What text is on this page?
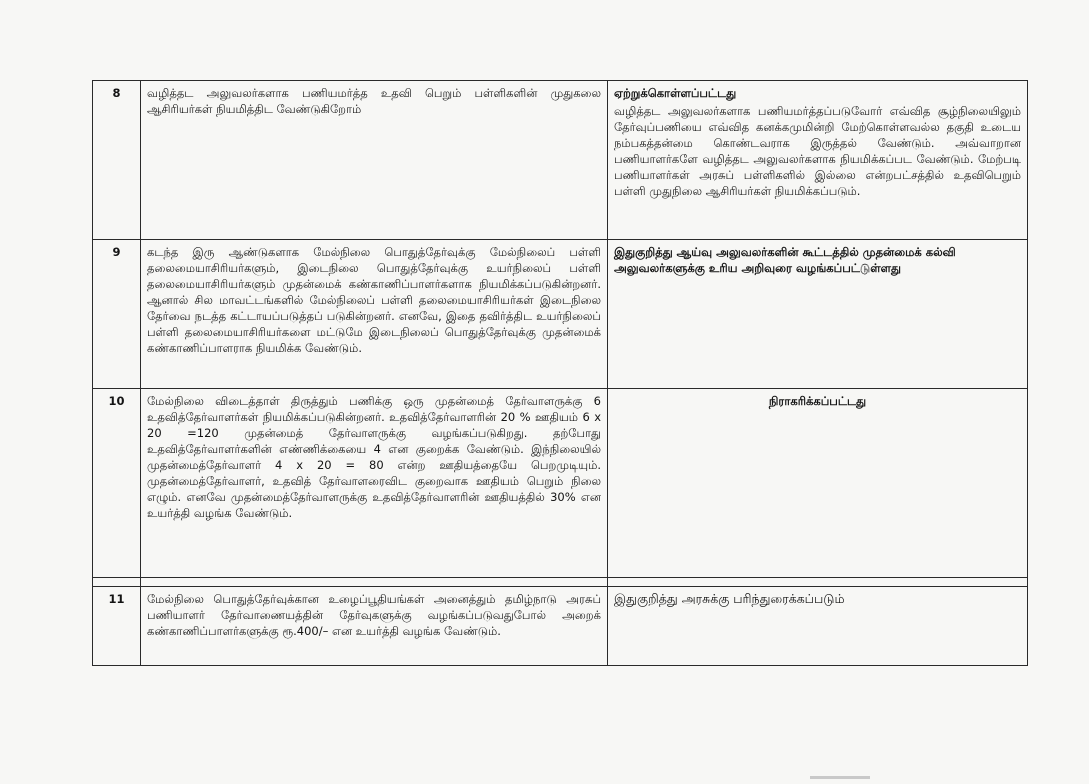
8	வழித்தட அலுவலர்களாக பணியமர்த்த உதவி பெறும் பள்ளிகளின் முதுகலை ஆசிரியர்கள் நியமித்திட வேண்டுகிறோம்	ஏற்றுக்கொள்ளப்பட்டது
வழித்தட அலுவலர்களாக பணியமர்த்தப்படுவோர் எவ்வித சூழ்நிலையிலும் தேர்வுப்பணியை எவ்வித கனக்கமுமின்றி மேற்கொள்ளவல்ல தகுதி உடைய நம்பகத்தன்மை கொண்டவராக இருத்தல் வேண்டும். அவ்வாறான பணியாளர்களே வழித்தட அலுவலர்களாக நியமிக்கப்பட வேண்டும். மேற்படி பணியாளர்கள் அரசுப் பள்ளிகளில் இல்லை என்றபட்சத்தில் உதவிபெறும் பள்ளி முதுநிலை ஆசிரியர்கள் நியமிக்கப்படும்.

9	கடந்த இரு ஆண்டுகளாக மேல்நிலை பொதுத்தேர்வுக்கு மேல்நிலைப் பள்ளி தலைமையாசிரியர்களும், இடைநிலை பொதுத்தேர்வுக்கு உயர்நிலைப் பள்ளி தலைமையாசிரியர்களும் முதன்மைக் கண்காணிப்பாளர்களாக நியமிக்கப்படுகின்றனர். ஆனால் சில மாவட்டங்களில் மேல்நிலைப் பள்ளி தலைமையாசிரியர்கள் இடைநிலை தேர்வை நடத்த கட்டாயப்படுத்தப் படுகின்றனர். எனவே, இதை தவிர்த்திட உயர்நிலைப் பள்ளி தலைமையாசிரியர்களை மட்டுமே இடைநிலைப் பொதுத்தேர்வுக்கு முதன்மைக் கண்காணிப்பாளராக நியமிக்க வேண்டும்.	இதுகுறித்து ஆய்வு அலுவலர்களின் கூட்டத்தில் முதன்மைக் கல்வி அலுவலர்களுக்கு உரிய அறிவுரை வழங்கப்பட்டுள்ளது
10	மேல்நிலை விடைத்தாள் திருத்தும் பணிக்கு ஒரு முதன்மைத் தேர்வாளருக்கு 6 உதவித்தேர்வாளர்கள் நியமிக்கப்படுகின்றனர். உதவித்தேர்வாளரின் 20 % ஊதியம் 6 x 20 =120 முதன்மைத் தேர்வாளருக்கு வழங்கப்படுகிறது. தற்போது உதவித்தேர்வாளர்களின் எண்ணிக்கையை 4 என குறைக்க வேண்டும். இந்நிலையில் முதன்மைத்தேர்வாளர் 4 x 20 = 80 என்ற ஊதியத்தையே பெறமுடியும். முதன்மைத்தேர்வாளர், உதவித் தேர்வாளரைவிட குறைவாக ஊதியம் பெறும் நிலை எழும். எனவே முதன்மைத்தேர்வாளருக்கு உதவித்தேர்வாளரின் ஊதியத்தில் 30% என உயர்த்தி வழங்க வேண்டும்.	நிராகரிக்கப்பட்டது

11	மேல்நிலை பொதுத்தேர்வுக்கான உழைப்பூதியங்கள் அனைத்தும் தமிழ்நாடு அரசுப் பணியாளர் தேர்வாணையத்தின் தேர்வுகளுக்கு வழங்கப்படுவதுபோல் அறைக் கண்காணிப்பாளர்களுக்கு ரூ.400/– என உயர்த்தி வழங்க வேண்டும்.	இதுகுறித்து அரசுக்கு பரிந்துரைக்கப்படும்
